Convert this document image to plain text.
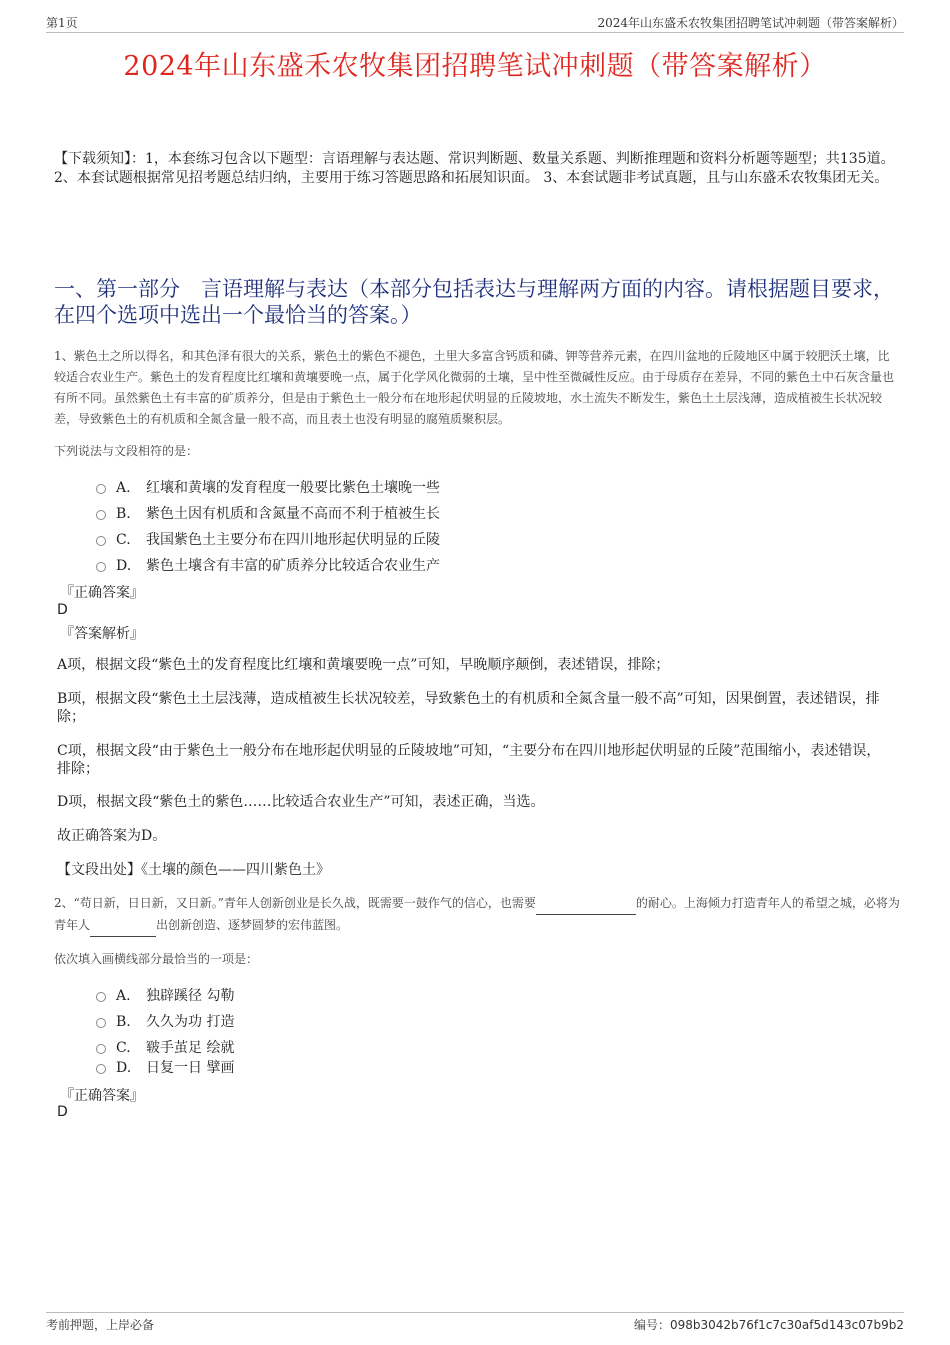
第1页	2024年山东盛禾农牧集团招聘笔试冲刺题（带答案解析）
2024年山东盛禾农牧集团招聘笔试冲刺题（带答案解析）
【下载须知】：1，本套练习包含以下题型：言语理解与表达题、常识判断题、数量关系题、判断推理题和资料分析题等题型；共135道。 2、本套试题根据常见招考题总结归纳，主要用于练习答题思路和拓展知识面。 3、本套试题非考试真题，且与山东盛禾农牧集团无关。
一、第一部分　言语理解与表达（本部分包括表达与理解两方面的内容。请根据题目要求，在四个选项中选出一个最恰当的答案。）
1、紫色土之所以得名，和其色泽有很大的关系，紫色土的紫色不褪色，土里大多富含钙质和磷、钾等营养元素，在四川盆地的丘陵地区中属于较肥沃土壤，比较适合农业生产。紫色土的发育程度比红壤和黄壤要晚一点，属于化学风化微弱的土壤，呈中性至微碱性反应。由于母质存在差异，不同的紫色土中石灰含量也有所不同。虽然紫色土有丰富的矿质养分，但是由于紫色土一般分布在地形起伏明显的丘陵坡地，水土流失不断发生，紫色土土层浅薄，造成植被生长状况较差，导致紫色土的有机质和全氮含量一般不高，而且表土也没有明显的腐殖质聚积层。
下列说法与文段相符的是：
A. 红壤和黄壤的发育程度一般要比紫色土壤晚一些
B. 紫色土因有机质和含氮量不高而不利于植被生长
C. 我国紫色土主要分布在四川地形起伏明显的丘陵
D. 紫色土壤含有丰富的矿质养分比较适合农业生产
『正确答案』
D
『答案解析』
A项，根据文段“紫色土的发育程度比红壤和黄壤要晚一点”可知，早晚顺序颠倒，表述错误，排除；
B项，根据文段“紫色土土层浅薄，造成植被生长状况较差，导致紫色土的有机质和全氮含量一般不高”可知，因果倒置，表述错误，排除；
C项，根据文段“由于紫色土一般分布在地形起伏明显的丘陵坡地”可知，“主要分布在四川地形起伏明显的丘陵”范围缩小，表述错误，排除；
D项，根据文段“紫色土的紫色……比较适合农业生产”可知，表述正确，当选。
故正确答案为D。
【文段出处】《土壤的颜色——四川紫色土》
2、“苟日新，日日新，又日新。”青年人创新创业是长久战，既需要一鼓作气的信心，也需要	的耐心。上海倾力打造青年人的希望之城，必将为青年人	出创新创造、逐梦圆梦的宏伟蓝图。
依次填入画横线部分最恰当的一项是：
A. 独辟蹊径 勾勒
B. 久久为功 打造
C. 皲手茧足 绘就
D. 日复一日 擘画
『正确答案』
D
考前押题，上岸必备	编号：098b3042b76f1c7c30af5d143c07b9b2
